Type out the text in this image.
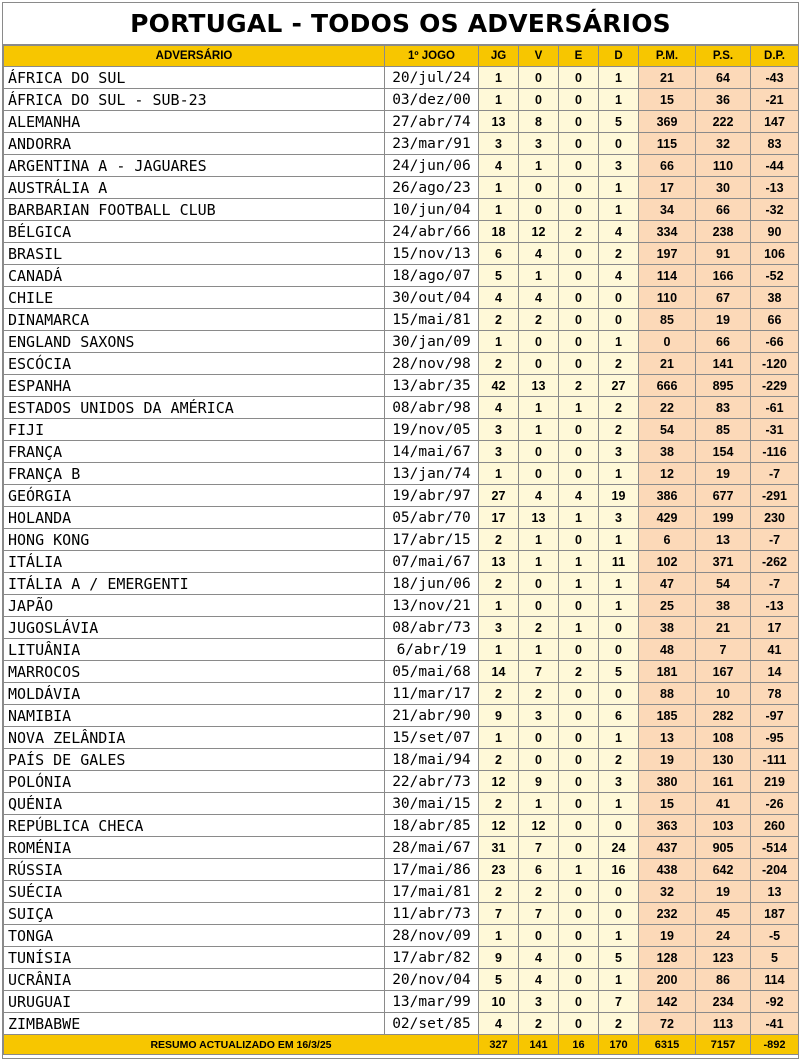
PORTUGAL - TODOS OS ADVERSÁRIOS
ADVERSÁRIO	1º JOGO	JG	V	E	D	P.M.	P.S.	D.P.
ÁFRICA DO SUL	20/jul/24	1	0	0	1	21	64	-43
ÁFRICA DO SUL - SUB-23	03/dez/00	1	0	0	1	15	36	-21
ALEMANHA	27/abr/74	13	8	0	5	369	222	147
ANDORRA	23/mar/91	3	3	0	0	115	32	83
ARGENTINA A - JAGUARES	24/jun/06	4	1	0	3	66	110	-44
AUSTRÁLIA A	26/ago/23	1	0	0	1	17	30	-13
BARBARIAN FOOTBALL CLUB	10/jun/04	1	0	0	1	34	66	-32
BÉLGICA	24/abr/66	18	12	2	4	334	238	90
BRASIL	15/nov/13	6	4	0	2	197	91	106
CANADÁ	18/ago/07	5	1	0	4	114	166	-52
CHILE	30/out/04	4	4	0	0	110	67	38
DINAMARCA	15/mai/81	2	2	0	0	85	19	66
ENGLAND SAXONS	30/jan/09	1	0	0	1	0	66	-66
ESCÓCIA	28/nov/98	2	0	0	2	21	141	-120
ESPANHA	13/abr/35	42	13	2	27	666	895	-229
ESTADOS UNIDOS DA AMÉRICA	08/abr/98	4	1	1	2	22	83	-61
FIJI	19/nov/05	3	1	0	2	54	85	-31
FRANÇA	14/mai/67	3	0	0	3	38	154	-116
FRANÇA B	13/jan/74	1	0	0	1	12	19	-7
GEÓRGIA	19/abr/97	27	4	4	19	386	677	-291
HOLANDA	05/abr/70	17	13	1	3	429	199	230
HONG KONG	17/abr/15	2	1	0	1	6	13	-7
ITÁLIA	07/mai/67	13	1	1	11	102	371	-262
ITÁLIA A / EMERGENTI	18/jun/06	2	0	1	1	47	54	-7
JAPÃO	13/nov/21	1	0	0	1	25	38	-13
JUGOSLÁVIA	08/abr/73	3	2	1	0	38	21	17
LITUÂNIA	6/abr/19	1	1	0	0	48	7	41
MARROCOS	05/mai/68	14	7	2	5	181	167	14
MOLDÁVIA	11/mar/17	2	2	0	0	88	10	78
NAMIBIA	21/abr/90	9	3	0	6	185	282	-97
NOVA ZELÂNDIA	15/set/07	1	0	0	1	13	108	-95
PAÍS DE GALES	18/mai/94	2	0	0	2	19	130	-111
POLÓNIA	22/abr/73	12	9	0	3	380	161	219
QUÉNIA	30/mai/15	2	1	0	1	15	41	-26
REPÚBLICA CHECA	18/abr/85	12	12	0	0	363	103	260
ROMÉNIA	28/mai/67	31	7	0	24	437	905	-514
RÚSSIA	17/mai/86	23	6	1	16	438	642	-204
SUÉCIA	17/mai/81	2	2	0	0	32	19	13
SUIÇA	11/abr/73	7	7	0	0	232	45	187
TONGA	28/nov/09	1	0	0	1	19	24	-5
TUNÍSIA	17/abr/82	9	4	0	5	128	123	5
UCRÂNIA	20/nov/04	5	4	0	1	200	86	114
URUGUAI	13/mar/99	10	3	0	7	142	234	-92
ZIMBABWE	02/set/85	4	2	0	2	72	113	-41
RESUMO ACTUALIZADO EM 16/3/25		327	141	16	170	6315	7157	-892
